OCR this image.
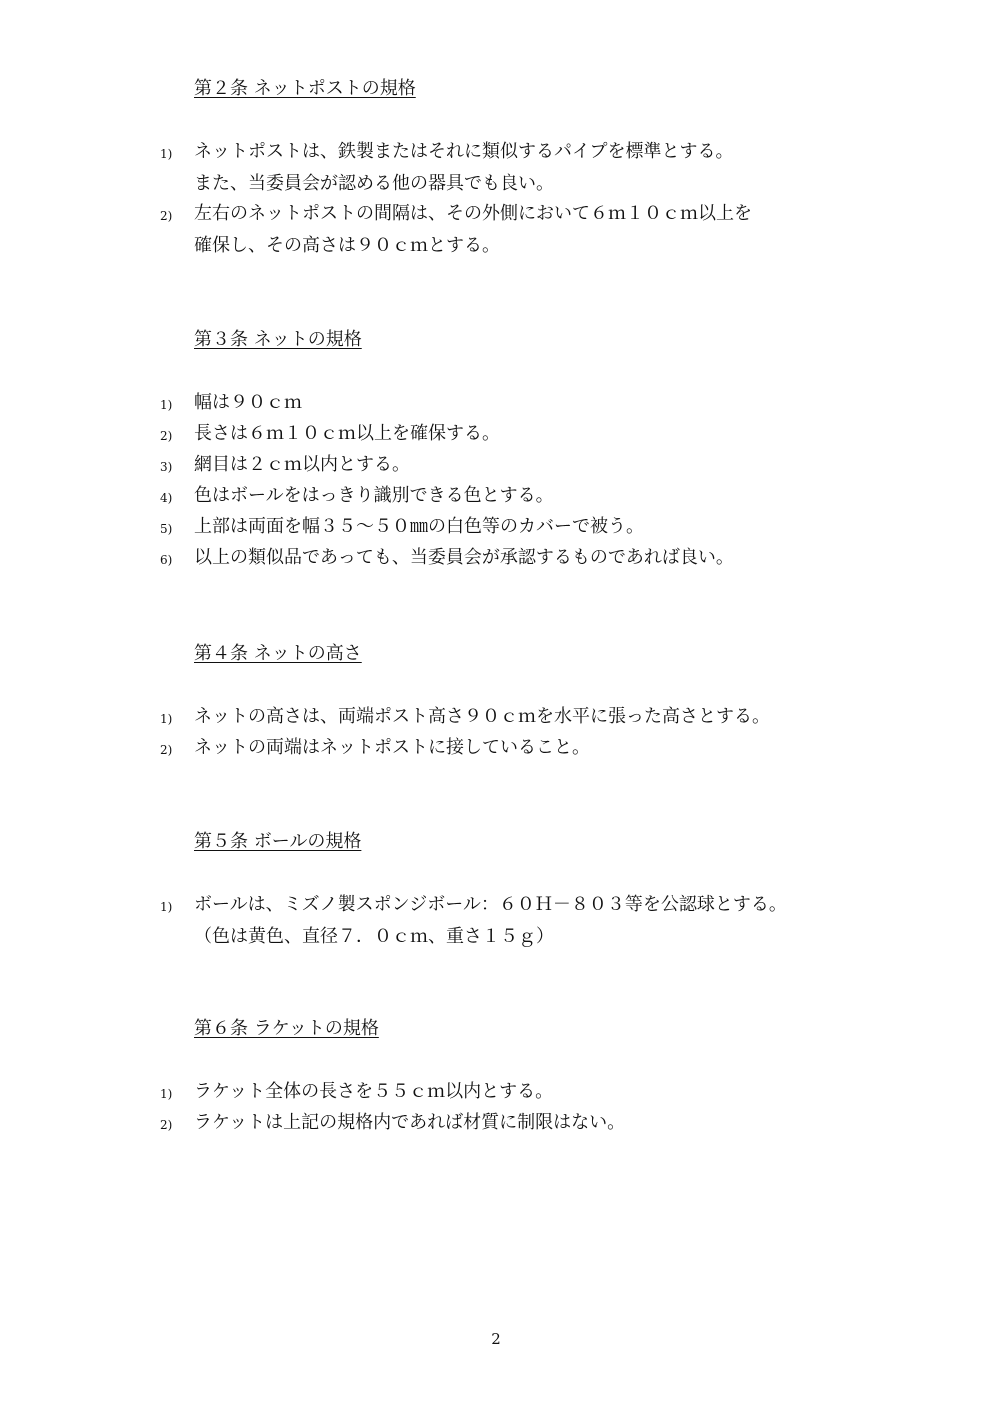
第２条 ネットポストの規格
1)	ネットポストは、鉄製またはそれに類似するパイプを標準とする。
また、当委員会が認める他の器具でも良い。
2)	左右のネットポストの間隔は、その外側において６ｍ１０ｃｍ以上を
確保し、その高さは９０ｃｍとする。
第３条 ネットの規格
1)	幅は９０ｃｍ
2)	長さは６ｍ１０ｃｍ以上を確保する。
3)	網目は２ｃｍ以内とする。
4)	色はボールをはっきり識別できる色とする。
5)	上部は両面を幅３５～５０㎜の白色等のカバーで被う。
6)	以上の類似品であっても、当委員会が承認するものであれば良い。
第４条 ネットの高さ
1)	ネットの高さは、両端ポスト高さ９０ｃｍを水平に張った高さとする。
2)	ネットの両端はネットポストに接していること。
第５条 ボールの規格
1)	ボールは、ミズノ製スポンジボール：６０Ｈ－８０３等を公認球とする。
（色は黄色、直径７．０ｃｍ、重さ１５ｇ）
第６条 ラケットの規格
1)	ラケット全体の長さを５５ｃｍ以内とする。
2)	ラケットは上記の規格内であれば材質に制限はない。
2
